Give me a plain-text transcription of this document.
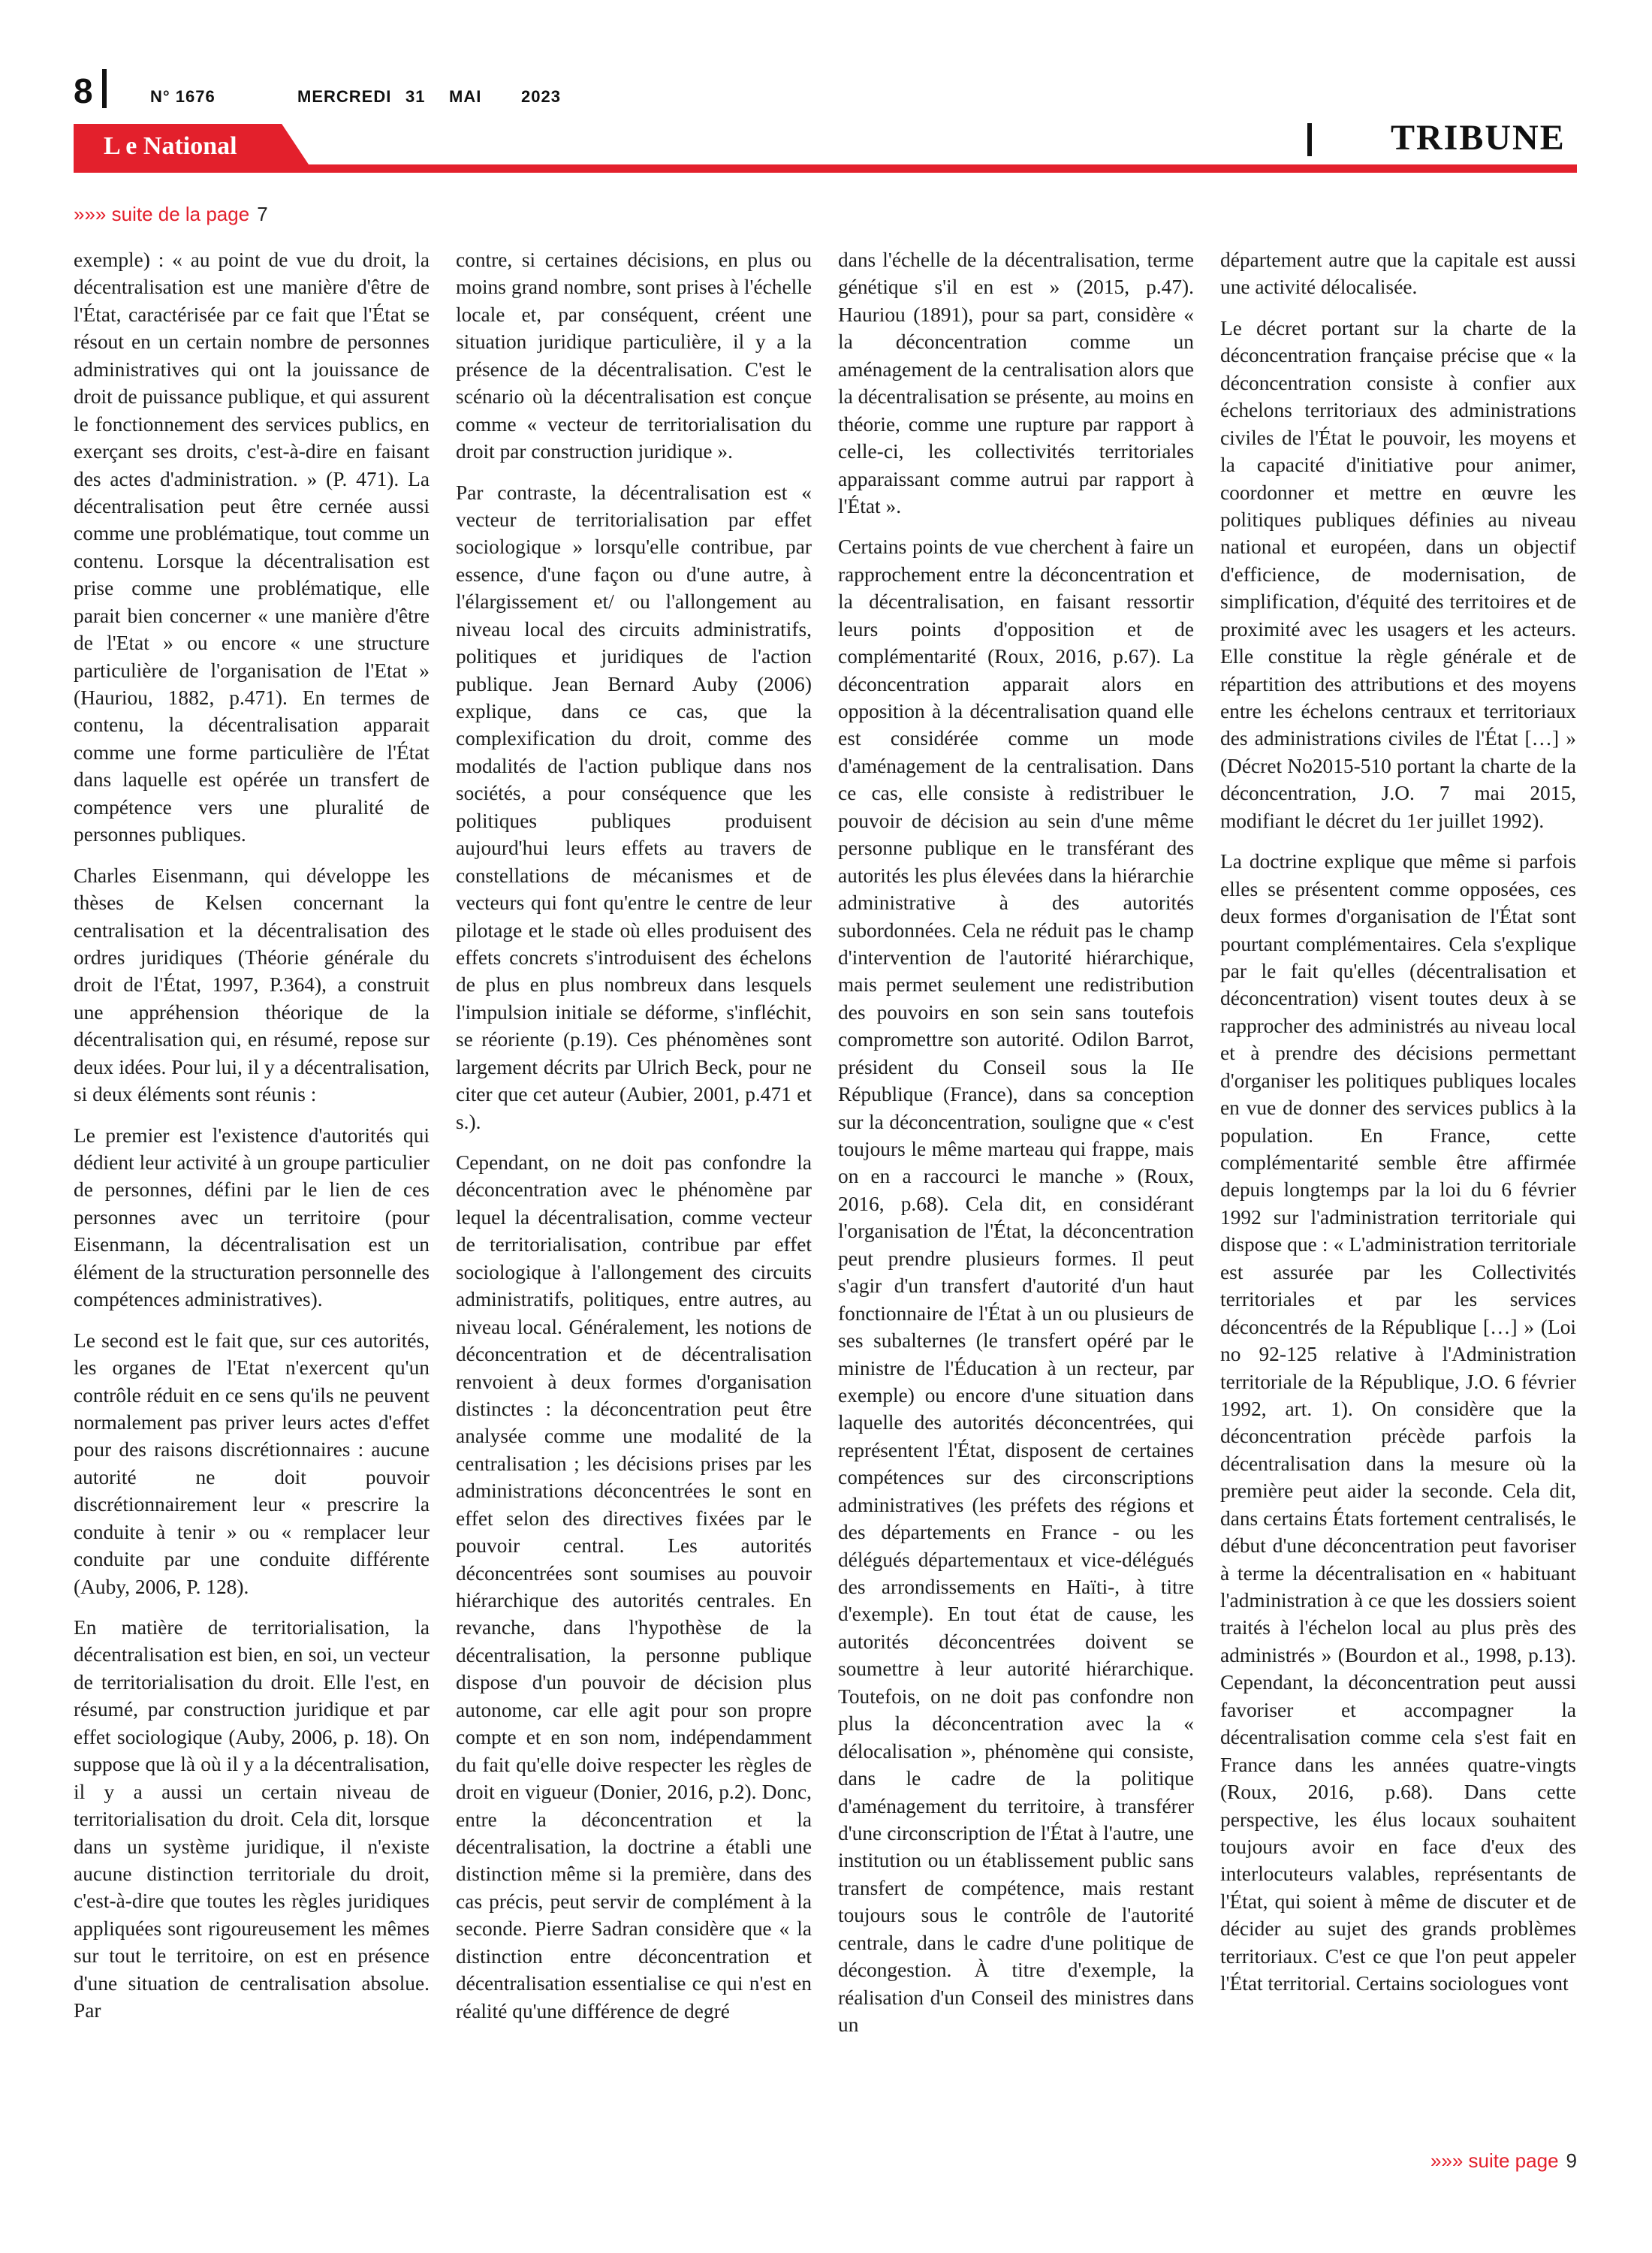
8	N° 1676	MERCREDI 31 MAI 2023
L e National	TRIBUNE
»»» suite de la page 7

exemple) : « au point de vue du droit, la décentralisation est une manière d'être de l'État, caractérisée par ce fait que l'État se résout en un certain nombre de personnes administratives qui ont la jouissance de droit de puissance publique, et qui assurent le fonctionnement des services publics, en exerçant ses droits, c'est-à-dire en faisant des actes d'administration. » (P. 471). La décentralisation peut être cernée aussi comme une problématique, tout comme un contenu. Lorsque la décentralisation est prise comme une problématique, elle parait bien concerner « une manière d'être de l'Etat » ou encore « une structure particulière de l'organisation de l'Etat » (Hauriou, 1882, p.471). En termes de contenu, la décentralisation apparait comme une forme particulière de l'État dans laquelle est opérée un transfert de compétence vers une pluralité de personnes publiques.

Charles Eisenmann, qui développe les thèses de Kelsen concernant la centralisation et la décentralisation des ordres juridiques (Théorie générale du droit de l'État, 1997, P.364), a construit une appréhension théorique de la décentralisation qui, en résumé, repose sur deux idées. Pour lui, il y a décentralisation, si deux éléments sont réunis :

Le premier est l'existence d'autorités qui dédient leur activité à un groupe particulier de personnes, défini par le lien de ces personnes avec un territoire (pour Eisenmann, la décentralisation est un élément de la structuration personnelle des compétences administratives).

Le second est le fait que, sur ces autorités, les organes de l'Etat n'exercent qu'un contrôle réduit en ce sens qu'ils ne peuvent normalement pas priver leurs actes d'effet pour des raisons discrétionnaires : aucune autorité ne doit pouvoir discrétionnairement leur « prescrire la conduite à tenir » ou « remplacer leur conduite par une conduite différente (Auby, 2006, P. 128).

En matière de territorialisation, la décentralisation est bien, en soi, un vecteur de territorialisation du droit. Elle l'est, en résumé, par construction juridique et par effet sociologique (Auby, 2006, p. 18). On suppose que là où il y a la décentralisation, il y a aussi un certain niveau de territorialisation du droit. Cela dit, lorsque dans un système juridique, il n'existe aucune distinction territoriale du droit, c'est-à-dire que toutes les règles juridiques appliquées sont rigoureusement les mêmes sur tout le territoire, on est en présence d'une situation de centralisation absolue. Par

contre, si certaines décisions, en plus ou moins grand nombre, sont prises à l'échelle locale et, par conséquent, créent une situation juridique particulière, il y a la présence de la décentralisation. C'est le scénario où la décentralisation est conçue comme « vecteur de territorialisation du droit par construction juridique ».

Par contraste, la décentralisation est « vecteur de territorialisation par effet sociologique » lorsqu'elle contribue, par essence, d'une façon ou d'une autre, à l'élargissement et/ ou l'allongement au niveau local des circuits administratifs, politiques et juridiques de l'action publique. Jean Bernard Auby (2006) explique, dans ce cas, que la complexification du droit, comme des modalités de l'action publique dans nos sociétés, a pour conséquence que les politiques publiques produisent aujourd'hui leurs effets au travers de constellations de mécanismes et de vecteurs qui font qu'entre le centre de leur pilotage et le stade où elles produisent des effets concrets s'introduisent des échelons de plus en plus nombreux dans lesquels l'impulsion initiale se déforme, s'infléchit, se réoriente (p.19). Ces phénomènes sont largement décrits par Ulrich Beck, pour ne citer que cet auteur (Aubier, 2001, p.471 et s.).

Cependant, on ne doit pas confondre la déconcentration avec le phénomène par lequel la décentralisation, comme vecteur de territorialisation, contribue par effet sociologique à l'allongement des circuits administratifs, politiques, entre autres, au niveau local. Généralement, les notions de déconcentration et de décentralisation renvoient à deux formes d'organisation distinctes : la déconcentration peut être analysée comme une modalité de la centralisation ; les décisions prises par les administrations déconcentrées le sont en effet selon des directives fixées par le pouvoir central. Les autorités déconcentrées sont soumises au pouvoir hiérarchique des autorités centrales. En revanche, dans l'hypothèse de la décentralisation, la personne publique dispose d'un pouvoir de décision plus autonome, car elle agit pour son propre compte et en son nom, indépendamment du fait qu'elle doive respecter les règles de droit en vigueur (Donier, 2016, p.2). Donc, entre la déconcentration et la décentralisation, la doctrine a établi une distinction même si la première, dans des cas précis, peut servir de complément à la seconde. Pierre Sadran considère que « la distinction entre déconcentration et décentralisation essentialise ce qui n'est en réalité qu'une différence de degré

dans l'échelle de la décentralisation, terme génétique s'il en est » (2015, p.47). Hauriou (1891), pour sa part, considère « la déconcentration comme un aménagement de la centralisation alors que la décentralisation se présente, au moins en théorie, comme une rupture par rapport à celle-ci, les collectivités territoriales apparaissant comme autrui par rapport à l'État ».

Certains points de vue cherchent à faire un rapprochement entre la déconcentration et la décentralisation, en faisant ressortir leurs points d'opposition et de complémentarité (Roux, 2016, p.67). La déconcentration apparait alors en opposition à la décentralisation quand elle est considérée comme un mode d'aménagement de la centralisation. Dans ce cas, elle consiste à redistribuer le pouvoir de décision au sein d'une même personne publique en le transférant des autorités les plus élevées dans la hiérarchie administrative à des autorités subordonnées. Cela ne réduit pas le champ d'intervention de l'autorité hiérarchique, mais permet seulement une redistribution des pouvoirs en son sein sans toutefois compromettre son autorité. Odilon Barrot, président du Conseil sous la IIe République (France), dans sa conception sur la déconcentration, souligne que « c'est toujours le même marteau qui frappe, mais on en a raccourci le manche » (Roux, 2016, p.68). Cela dit, en considérant l'organisation de l'État, la déconcentration peut prendre plusieurs formes. Il peut s'agir d'un transfert d'autorité d'un haut fonctionnaire de l'État à un ou plusieurs de ses subalternes (le transfert opéré par le ministre de l'Éducation à un recteur, par exemple) ou encore d'une situation dans laquelle des autorités déconcentrées, qui représentent l'État, disposent de certaines compétences sur des circonscriptions administratives (les préfets des régions et des départements en France - ou les délégués départementaux et vice-délégués des arrondissements en Haïti-, à titre d'exemple). En tout état de cause, les autorités déconcentrées doivent se soumettre à leur autorité hiérarchique. Toutefois, on ne doit pas confondre non plus la déconcentration avec la « délocalisation », phénomène qui consiste, dans le cadre de la politique d'aménagement du territoire, à transférer d'une circonscription de l'État à l'autre, une institution ou un établissement public sans transfert de compétence, mais restant toujours sous le contrôle de l'autorité centrale, dans le cadre d'une politique de décongestion. À titre d'exemple, la réalisation d'un Conseil des ministres dans un

département autre que la capitale est aussi une activité délocalisée.

Le décret portant sur la charte de la déconcentration française précise que « la déconcentration consiste à confier aux échelons territoriaux des administrations civiles de l'État le pouvoir, les moyens et la capacité d'initiative pour animer, coordonner et mettre en œuvre les politiques publiques définies au niveau national et européen, dans un objectif d'efficience, de modernisation, de simplification, d'équité des territoires et de proximité avec les usagers et les acteurs. Elle constitue la règle générale et de répartition des attributions et des moyens entre les échelons centraux et territoriaux des administrations civiles de l'État […] » (Décret No2015-510 portant la charte de la déconcentration, J.O. 7 mai 2015, modifiant le décret du 1er juillet 1992).

La doctrine explique que même si parfois elles se présentent comme opposées, ces deux formes d'organisation de l'État sont pourtant complémentaires. Cela s'explique par le fait qu'elles (décentralisation et déconcentration) visent toutes deux à se rapprocher des administrés au niveau local et à prendre des décisions permettant d'organiser les politiques publiques locales en vue de donner des services publics à la population. En France, cette complémentarité semble être affirmée depuis longtemps par la loi du 6 février 1992 sur l'administration territoriale qui dispose que : « L'administration territoriale est assurée par les Collectivités territoriales et par les services déconcentrés de la République […] » (Loi no 92-125 relative à l'Administration territoriale de la République, J.O. 6 février 1992, art. 1). On considère que la déconcentration précède parfois la décentralisation dans la mesure où la première peut aider la seconde. Cela dit, dans certains États fortement centralisés, le début d'une déconcentration peut favoriser à terme la décentralisation en « habituant l'administration à ce que les dossiers soient traités à l'échelon local au plus près des administrés » (Bourdon et al., 1998, p.13). Cependant, la déconcentration peut aussi favoriser et accompagner la décentralisation comme cela s'est fait en France dans les années quatre-vingts (Roux, 2016, p.68). Dans cette perspective, les élus locaux souhaitent toujours avoir en face d'eux des interlocuteurs valables, représentants de l'État, qui soient à même de discuter et de décider au sujet des grands problèmes territoriaux. C'est ce que l'on peut appeler l'État territorial. Certains sociologues vont

»»» suite page 9
